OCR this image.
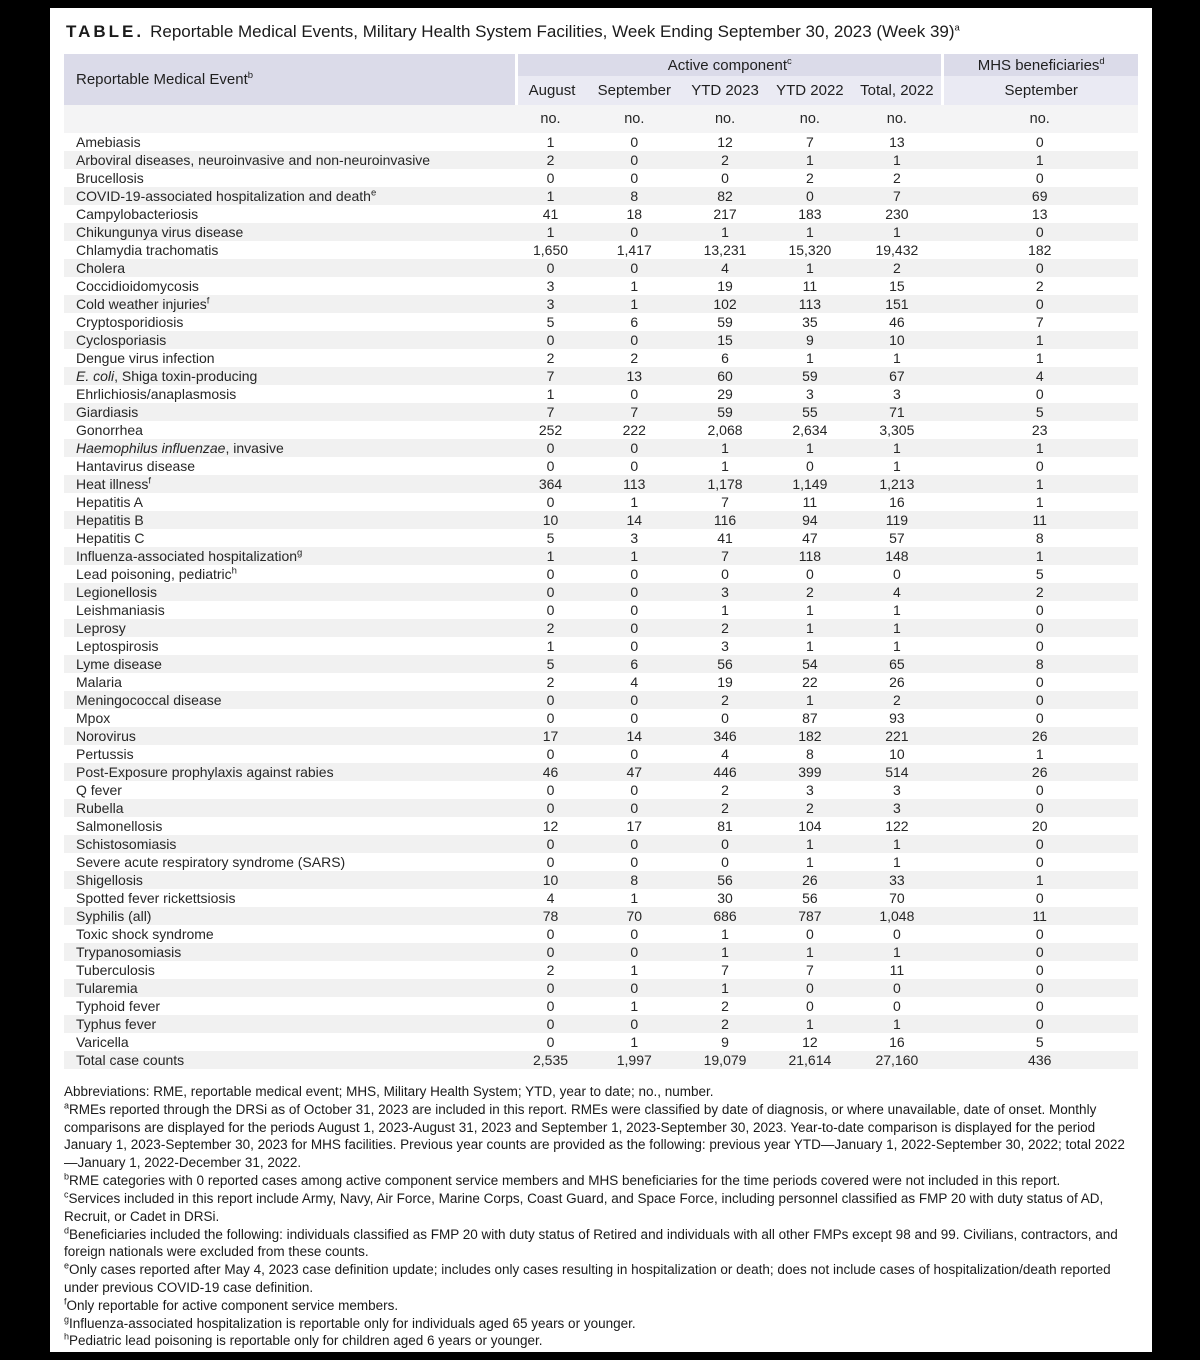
TABLE. Reportable Medical Events, Military Health System Facilities, Week Ending September 30, 2023 (Week 39)$^a$
Reportable Medical Event$^b$	Active component$^c$					MHS beneficiaries$^d$
	August	September	YTD 2023	YTD 2022	Total, 2022	September
	no.	no.	no.	no.	no.	no.
Amebiasis	1	0	12	7	13	0
Arboviral diseases, neuroinvasive and non-neuroinvasive	2	0	2	1	1	1
Brucellosis	0	0	0	2	2	0
COVID-19-associated hospitalization and death$^e$	1	8	82	0	7	69
Campylobacteriosis	41	18	217	183	230	13
Chikungunya virus disease	1	0	1	1	1	0
Chlamydia trachomatis	1,650	1,417	13,231	15,320	19,432	182
Cholera	0	0	4	1	2	0
Coccidioidomycosis	3	1	19	11	15	2
Cold weather injuries$^f$	3	1	102	113	151	0
Cryptosporidiosis	5	6	59	35	46	7
Cyclosporiasis	0	0	15	9	10	1
Dengue virus infection	2	2	6	1	1	1
E. coli, Shiga toxin-producing	7	13	60	59	67	4
Ehrlichiosis/anaplasmosis	1	0	29	3	3	0
Giardiasis	7	7	59	55	71	5
Gonorrhea	252	222	2,068	2,634	3,305	23
Haemophilus influenzae, invasive	0	0	1	1	1	1
Hantavirus disease	0	0	1	0	1	0
Heat illness$^f$	364	113	1,178	1,149	1,213	1
Hepatitis A	0	1	7	11	16	1
Hepatitis B	10	14	116	94	119	11
Hepatitis C	5	3	41	47	57	8
Influenza-associated hospitalization$^g$	1	1	7	118	148	1
Lead poisoning, pediatric$^h$	0	0	0	0	0	5
Legionellosis	0	0	3	2	4	2
Leishmaniasis	0	0	1	1	1	0
Leprosy	2	0	2	1	1	0
Leptospirosis	1	0	3	1	1	0
Lyme disease	5	6	56	54	65	8
Malaria	2	4	19	22	26	0
Meningococcal disease	0	0	2	1	2	0
Mpox	0	0	0	87	93	0
Norovirus	17	14	346	182	221	26
Pertussis	0	0	4	8	10	1
Post-Exposure prophylaxis against rabies	46	47	446	399	514	26
Q fever	0	0	2	3	3	0
Rubella	0	0	2	2	3	0
Salmonellosis	12	17	81	104	122	20
Schistosomiasis	0	0	0	1	1	0
Severe acute respiratory syndrome (SARS)	0	0	0	1	1	0
Shigellosis	10	8	56	26	33	1
Spotted fever rickettsiosis	4	1	30	56	70	0
Syphilis (all)	78	70	686	787	1,048	11
Toxic shock syndrome	0	0	1	0	0	0
Trypanosomiasis	0	0	1	1	1	0
Tuberculosis	2	1	7	7	11	0
Tularemia	0	0	1	0	0	0
Typhoid fever	0	1	2	0	0	0
Typhus fever	0	0	2	1	1	0
Varicella	0	1	9	12	16	5
Total case counts	2,535	1,997	19,079	21,614	27,160	436

Abbreviations: RME, reportable medical event; MHS, Military Health System; YTD, year to date; no., number.

$^a$RMEs reported through the DRSi as of October 31, 2023 are included in this report. RMEs were classified by date of diagnosis, or where unavailable, date of onset. Monthly comparisons are displayed for the periods August 1, 2023-August 31, 2023 and September 1, 2023-September 30, 2023. Year-to-date comparison is displayed for the period January 1, 2023-September 30, 2023 for MHS facilities. Previous year counts are provided as the following: previous year YTD—January 1, 2022-September 30, 2022; total 2022—January 1, 2022-December 31, 2022.

$^b$RME categories with 0 reported cases among active component service members and MHS beneficiaries for the time periods covered were not included in this report.

$^c$Services included in this report include Army, Navy, Air Force, Marine Corps, Coast Guard, and Space Force, including personnel classified as FMP 20 with duty status of AD, Recruit, or Cadet in DRSi.

$^d$Beneficiaries included the following: individuals classified as FMP 20 with duty status of Retired and individuals with all other FMPs except 98 and 99. Civilians, contractors, and foreign nationals were excluded from these counts.

$^e$Only cases reported after May 4, 2023 case definition update; includes only cases resulting in hospitalization or death; does not include cases of hospitalization/death reported under previous COVID-19 case definition.

$^f$Only reportable for active component service members.

$^g$Influenza-associated hospitalization is reportable only for individuals aged 65 years or younger.

$^h$Pediatric lead poisoning is reportable only for children aged 6 years or younger.
